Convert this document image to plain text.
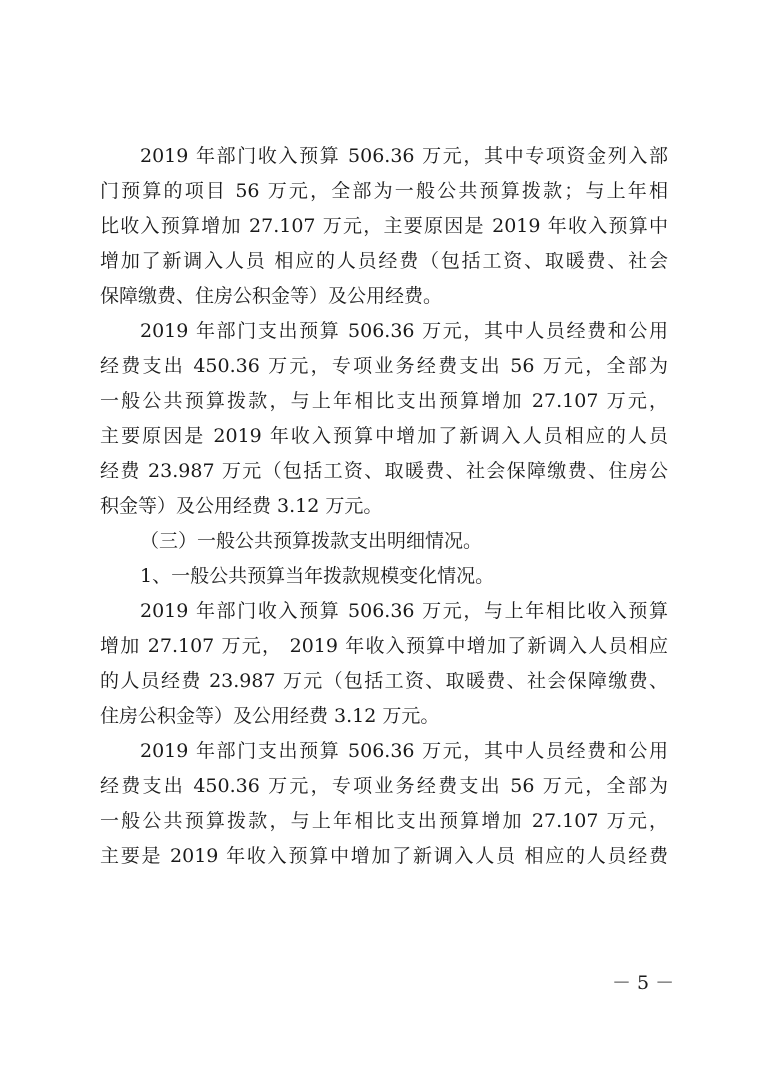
2019 年部门收入预算 506.36 万元，其中专项资金列入部
门预算的项目 56 万元，全部为一般公共预算拨款；与上年相
比收入预算增加 27.107 万元，主要原因是 2019 年收入预算中
增加了新调入人员 相应的人员经费（包括工资、取暖费、社会
保障缴费、住房公积金等）及公用经费。
2019 年部门支出预算 506.36 万元，其中人员经费和公用
经费支出 450.36 万元，专项业务经费支出 56 万元，全部为
一般公共预算拨款，与上年相比支出预算增加 27.107 万元，
主要原因是 2019 年收入预算中增加了新调入人员相应的人员
经费 23.987 万元（包括工资、取暖费、社会保障缴费、住房公
积金等）及公用经费 3.12 万元。
（三）一般公共预算拨款支出明细情况。
1、一般公共预算当年拨款规模变化情况。
2019 年部门收入预算 506.36 万元，与上年相比收入预算
增加 27.107 万元， 2019 年收入预算中增加了新调入人员相应
的人员经费 23.987 万元（包括工资、取暖费、社会保障缴费、
住房公积金等）及公用经费 3.12 万元。
2019 年部门支出预算 506.36 万元，其中人员经费和公用
经费支出 450.36 万元，专项业务经费支出 56 万元，全部为
一般公共预算拨款，与上年相比支出预算增加 27.107 万元，
主要是 2019 年收入预算中增加了新调入人员 相应的人员经费
－ 5 －
